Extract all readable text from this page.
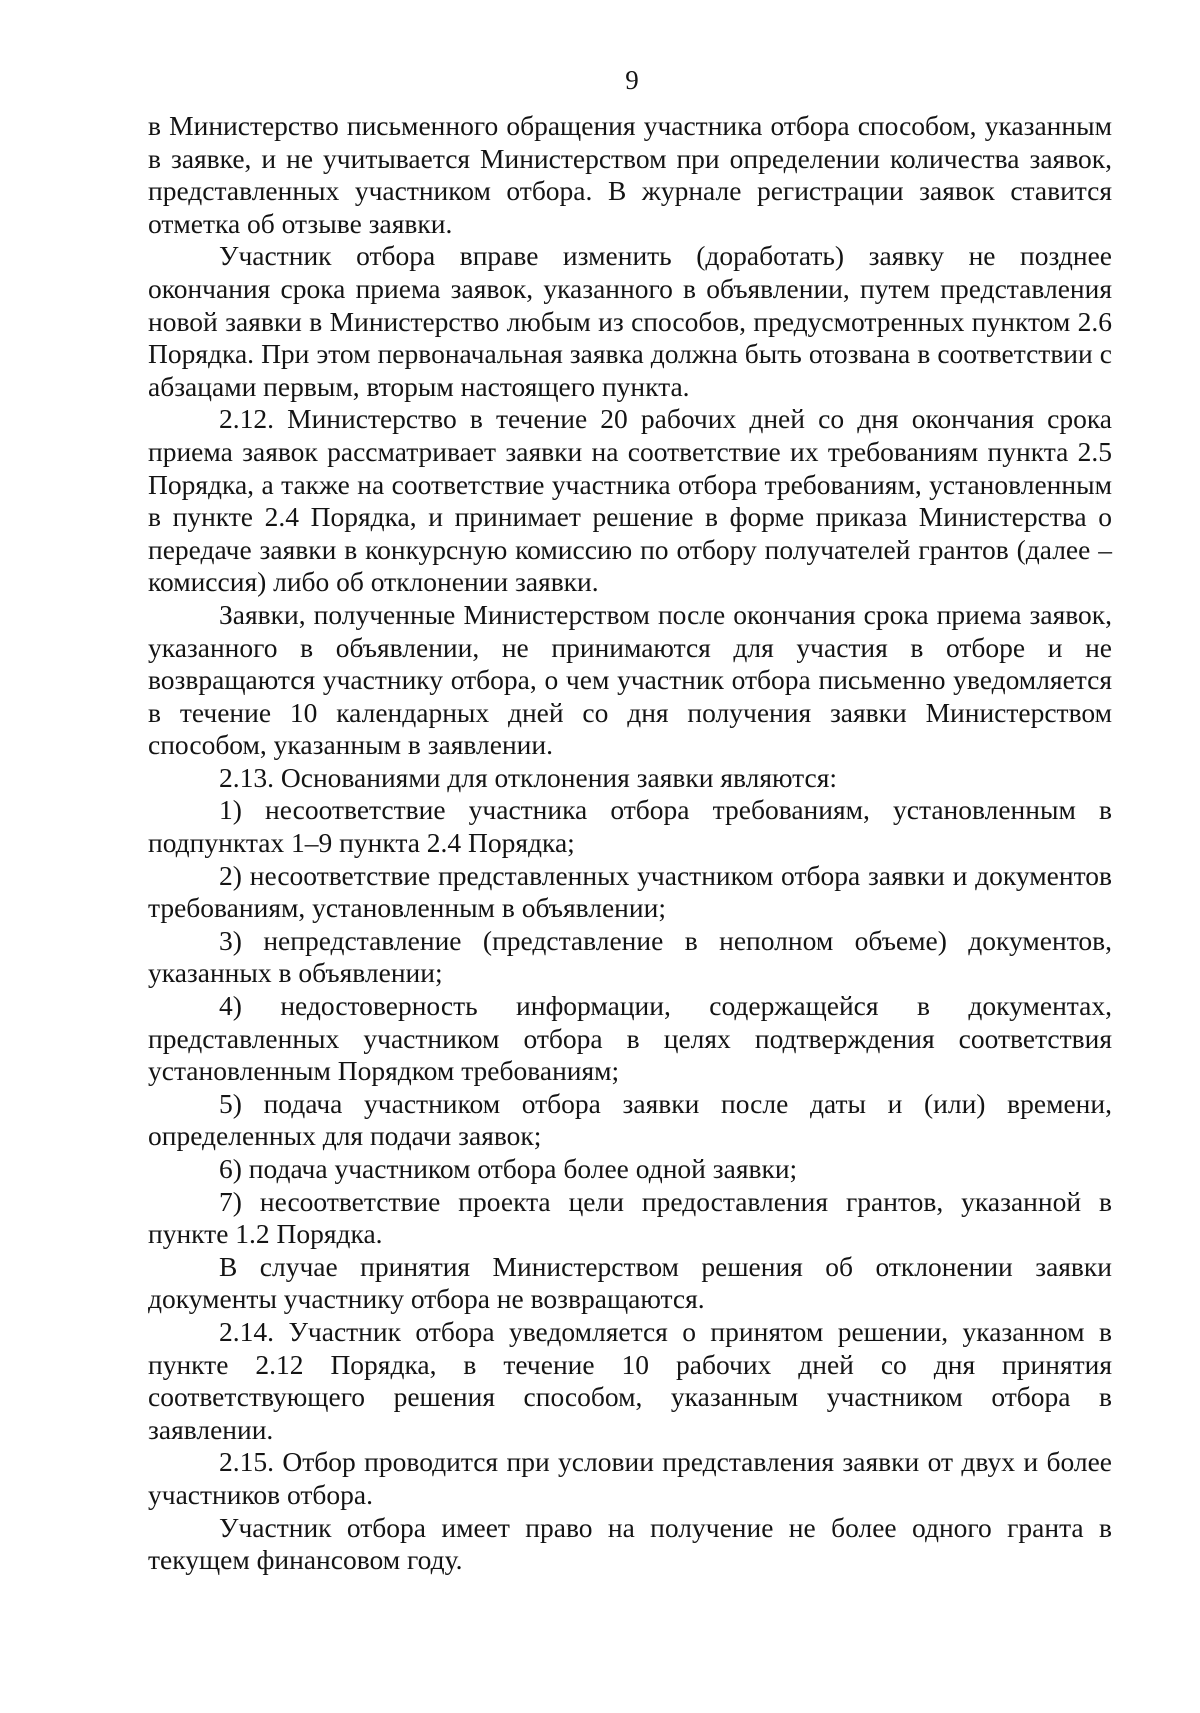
9

в Министерство письменного обращения участника отбора способом, указанным в заявке, и не учитывается Министерством при определении количества заявок, представленных участником отбора. В журнале регистрации заявок ставится отметка об отзыве заявки.

Участник отбора вправе изменить (доработать) заявку не позднее окончания срока приема заявок, указанного в объявлении, путем представления новой заявки в Министерство любым из способов, предусмотренных пунктом 2.6 Порядка. При этом первоначальная заявка должна быть отозвана в соответствии с абзацами первым, вторым настоящего пункта.

2.12. Министерство в течение 20 рабочих дней со дня окончания срока приема заявок рассматривает заявки на соответствие их требованиям пункта 2.5 Порядка, а также на соответствие участника отбора требованиям, установленным в пункте 2.4 Порядка, и принимает решение в форме приказа Министерства о передаче заявки в конкурсную комиссию по отбору получателей грантов (далее – комиссия) либо об отклонении заявки.

Заявки, полученные Министерством после окончания срока приема заявок, указанного в объявлении, не принимаются для участия в отборе и не возвращаются участнику отбора, о чем участник отбора письменно уведомляется в течение 10 календарных дней со дня получения заявки Министерством способом, указанным в заявлении.

2.13. Основаниями для отклонения заявки являются:

1) несоответствие участника отбора требованиям, установленным в подпунктах 1–9 пункта 2.4 Порядка;

2) несоответствие представленных участником отбора заявки и документов требованиям, установленным в объявлении;

3) непредставление (представление в неполном объеме) документов, указанных в объявлении;

4) недостоверность информации, содержащейся в документах, представленных участником отбора в целях подтверждения соответствия установленным Порядком требованиям;

5) подача участником отбора заявки после даты и (или) времени, определенных для подачи заявок;

6) подача участником отбора более одной заявки;

7) несоответствие проекта цели предоставления грантов, указанной в пункте 1.2 Порядка.

В случае принятия Министерством решения об отклонении заявки документы участнику отбора не возвращаются.

2.14. Участник отбора уведомляется о принятом решении, указанном в пункте 2.12 Порядка, в течение 10 рабочих дней со дня принятия соответствующего решения способом, указанным участником отбора в заявлении.

2.15. Отбор проводится при условии представления заявки от двух и более участников отбора.

Участник отбора имеет право на получение не более одного гранта в текущем финансовом году.
